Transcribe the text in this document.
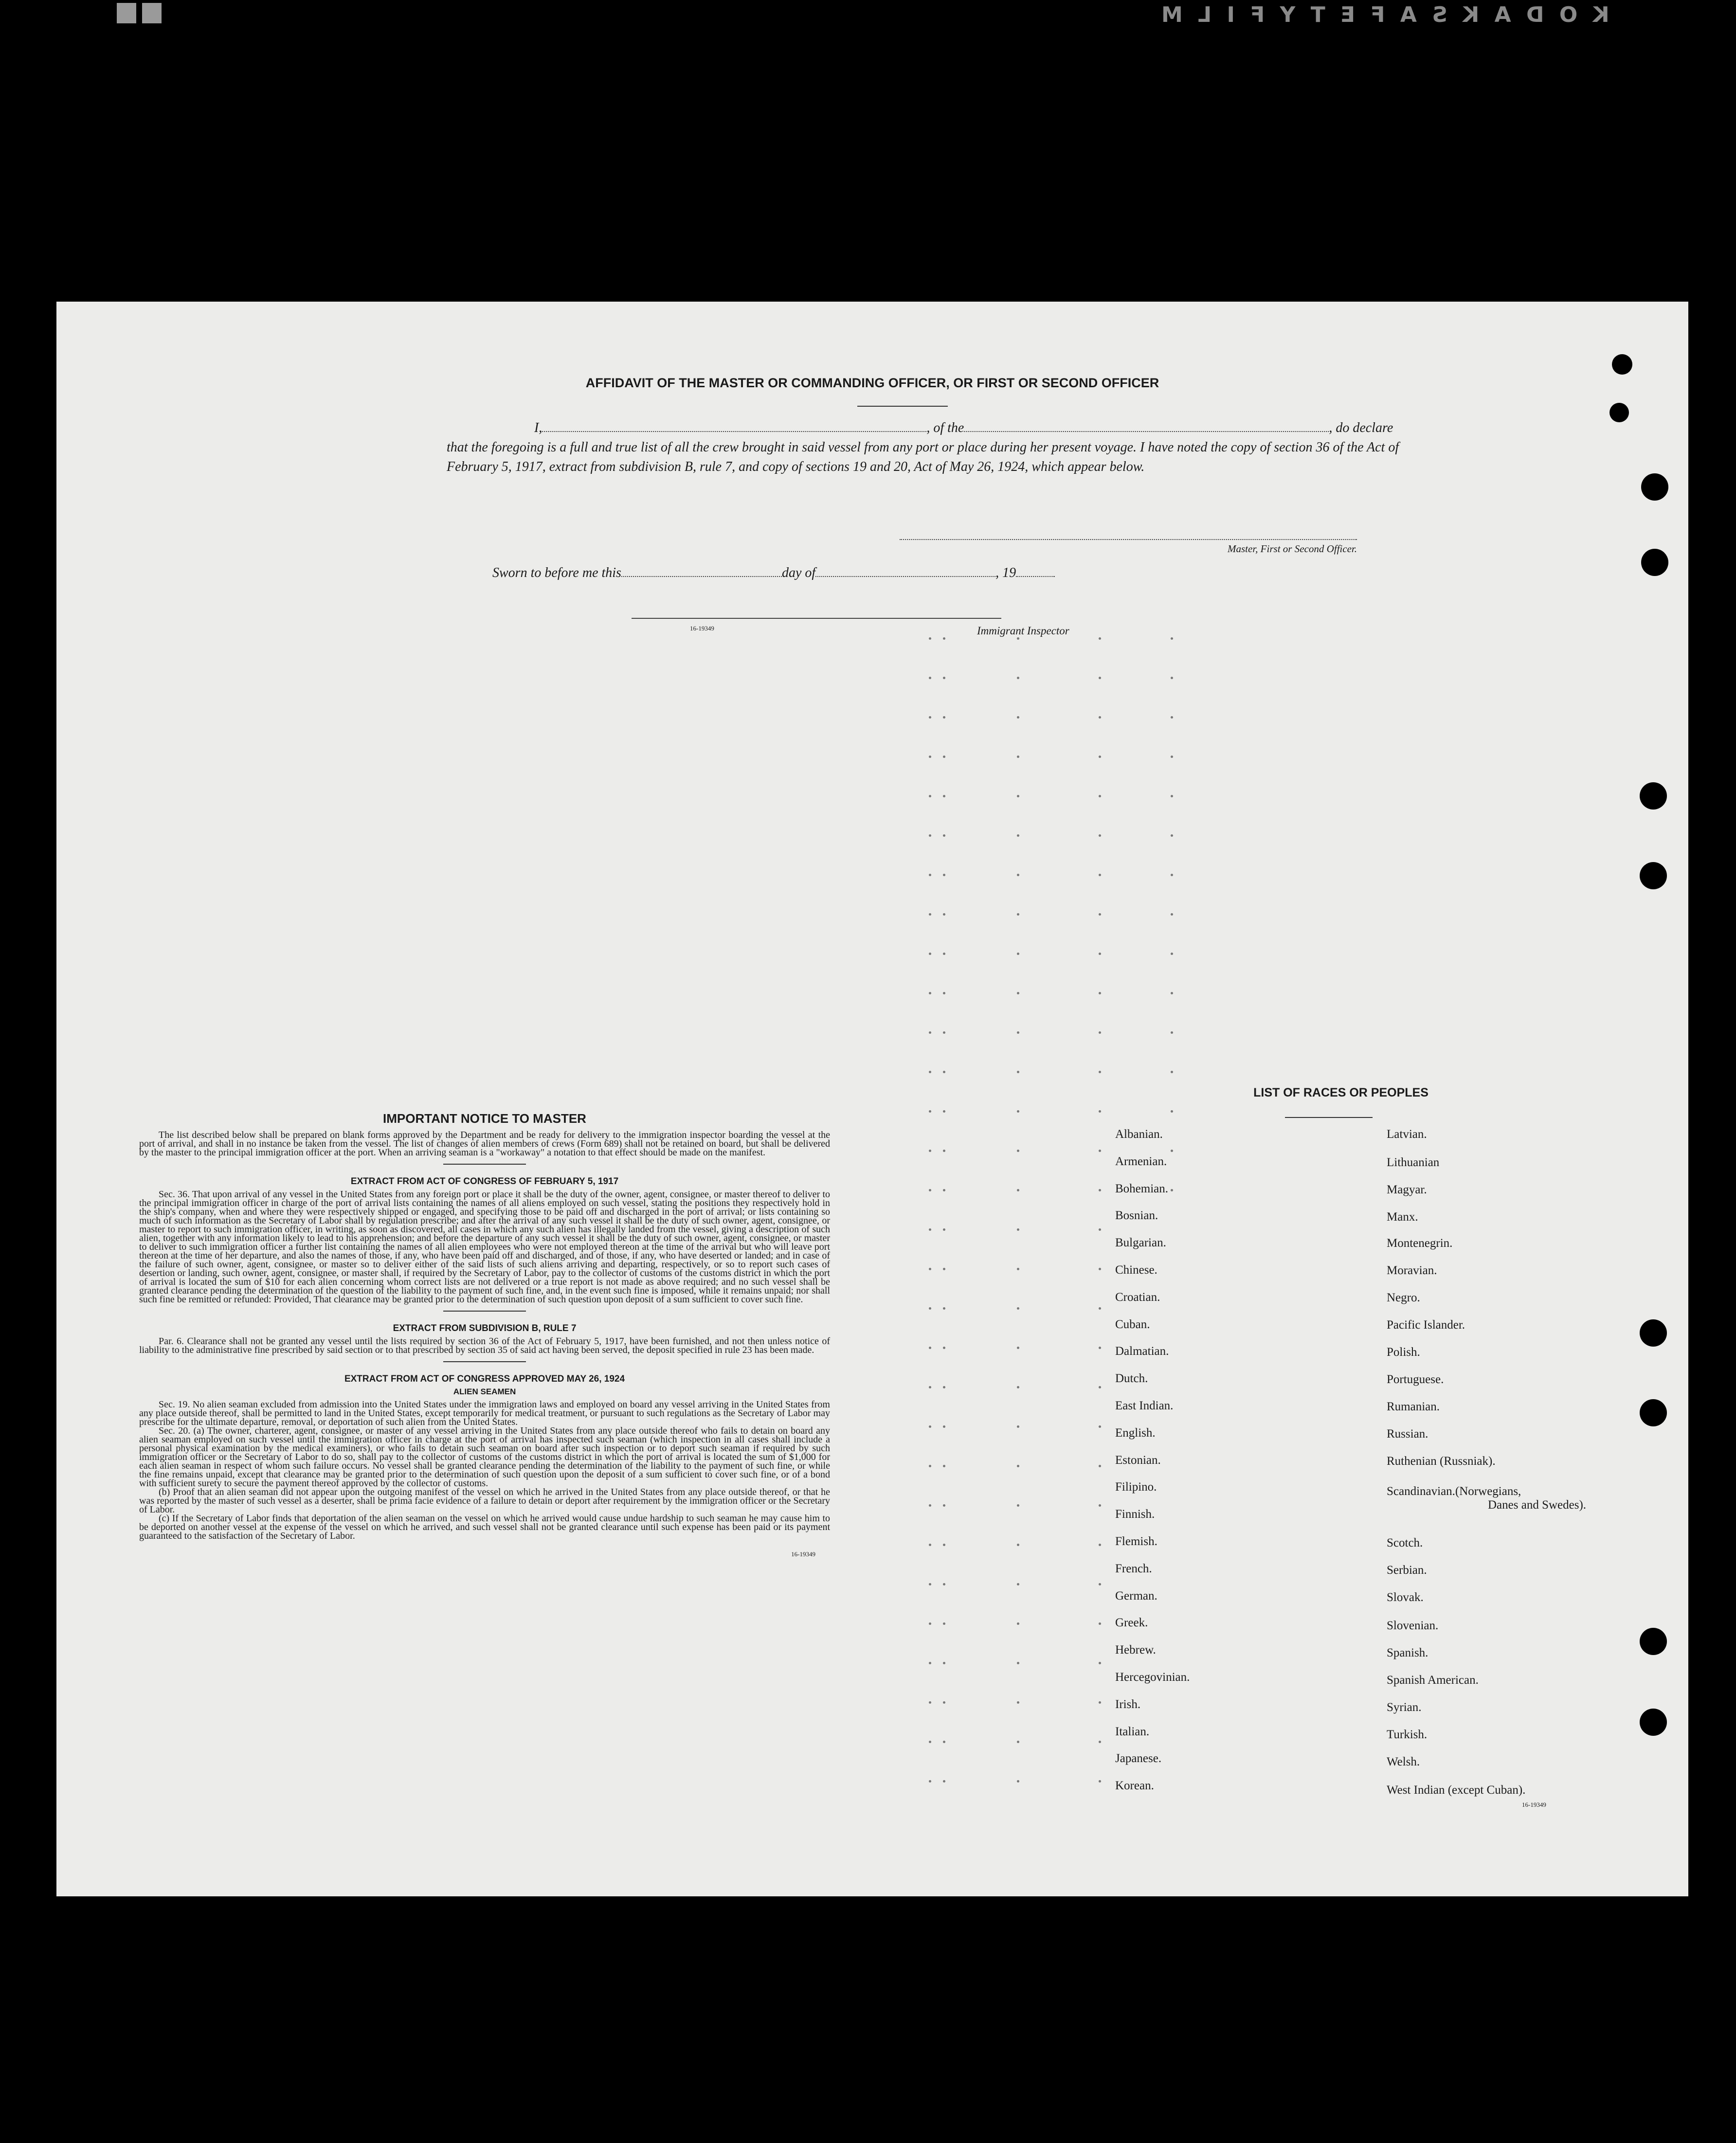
K O D A K S A F E T Y F I L M
AFFIDAVIT OF THE MASTER OR COMMANDING OFFICER, OR FIRST OR SECOND OFFICER
I,	, of the	, do declare
that the foregoing is a full and true list of all the crew brought in said vessel from any port or place during her present voyage. I have noted the copy of section 36 of the Act of February 5, 1917, extract from subdivision B, rule 7, and copy of sections 19 and 20, Act of May 26, 1924, which appear below.
Master, First or Second Officer.
Sworn to before me this	day of	, 19
16-19349	Immigrant Inspector
IMPORTANT NOTICE TO MASTER

The list described below shall be prepared on blank forms approved by the Department and be ready for delivery to the immigration inspector boarding the vessel at the port of arrival, and shall in no instance be taken from the vessel. The list of changes of alien members of crews (Form 689) shall not be retained on board, but shall be delivered by the master to the principal immigration officer at the port. When an arriving seaman is a "workaway" a notation to that effect should be made on the manifest.

EXTRACT FROM ACT OF CONGRESS OF FEBRUARY 5, 1917

Sec. 36. That upon arrival of any vessel in the United States from any foreign port or place it shall be the duty of the owner, agent, consignee, or master thereof to deliver to the principal immigration officer in charge of the port of arrival lists containing the names of all aliens employed on such vessel, stating the positions they respectively hold in the ship's company, when and where they were respectively shipped or engaged, and specifying those to be paid off and discharged in the port of arrival; or lists containing so much of such information as the Secretary of Labor shall by regulation prescribe; and after the arrival of any such vessel it shall be the duty of such owner, agent, consignee, or master to report to such immigration officer, in writing, as soon as discovered, all cases in which any such alien has illegally landed from the vessel, giving a description of such alien, together with any information likely to lead to his apprehension; and before the departure of any such vessel it shall be the duty of such owner, agent, consignee, or master to deliver to such immigration officer a further list containing the names of all alien employees who were not employed thereon at the time of the arrival but who will leave port thereon at the time of her departure, and also the names of those, if any, who have been paid off and discharged, and of those, if any, who have deserted or landed; and in case of the failure of such owner, agent, consignee, or master so to deliver either of the said lists of such aliens arriving and departing, respectively, or so to report such cases of desertion or landing, such owner, agent, consignee, or master shall, if required by the Secretary of Labor, pay to the collector of customs of the customs district in which the port of arrival is located the sum of $10 for each alien concerning whom correct lists are not delivered or a true report is not made as above required; and no such vessel shall be granted clearance pending the determination of the question of the liability to the payment of such fine, and, in the event such fine is imposed, while it remains unpaid; nor shall such fine be remitted or refunded: Provided, That clearance may be granted prior to the determination of such question upon deposit of a sum sufficient to cover such fine.

EXTRACT FROM SUBDIVISION B, RULE 7

Par. 6. Clearance shall not be granted any vessel until the lists required by section 36 of the Act of February 5, 1917, have been furnished, and not then unless notice of liability to the administrative fine prescribed by said section or to that prescribed by section 35 of said act having been served, the deposit specified in rule 23 has been made.

EXTRACT FROM ACT OF CONGRESS APPROVED MAY 26, 1924
ALIEN SEAMEN

Sec. 19. No alien seaman excluded from admission into the United States under the immigration laws and employed on board any vessel arriving in the United States from any place outside thereof, shall be permitted to land in the United States, except temporarily for medical treatment, or pursuant to such regulations as the Secretary of Labor may prescribe for the ultimate departure, removal, or deportation of such alien from the United States.

Sec. 20. (a) The owner, charterer, agent, consignee, or master of any vessel arriving in the United States from any place outside thereof who fails to detain on board any alien seaman employed on such vessel until the immigration officer in charge at the port of arrival has inspected such seaman (which inspection in all cases shall include a personal physical examination by the medical examiners), or who fails to detain such seaman on board after such inspection or to deport such seaman if required by such immigration officer or the Secretary of Labor to do so, shall pay to the collector of customs of the customs district in which the port of arrival is located the sum of $1,000 for each alien seaman in respect of whom such failure occurs. No vessel shall be granted clearance pending the determination of the liability to the payment of such fine, or while the fine remains unpaid, except that clearance may be granted prior to the determination of such question upon the deposit of a sum sufficient to cover such fine, or of a bond with sufficient surety to secure the payment thereof approved by the collector of customs.

(b) Proof that an alien seaman did not appear upon the outgoing manifest of the vessel on which he arrived in the United States from any place outside thereof, or that he was reported by the master of such vessel as a deserter, shall be prima facie evidence of a failure to detain or deport after requirement by the immigration officer or the Secretary of Labor.

(c) If the Secretary of Labor finds that deportation of the alien seaman on the vessel on which he arrived would cause undue hardship to such seaman he may cause him to be deported on another vessel at the expense of the vessel on which he arrived, and such vessel shall not be granted clearance until such expense has been paid or its payment guaranteed to the satisfaction of the Secretary of Labor.

16-19349
LIST OF RACES OR PEOPLES
Albanian.
Armenian.
Bohemian.
Bosnian.
Bulgarian.
Chinese.
Croatian.
Cuban.
Dalmatian.
Dutch.
East Indian.
English.
Estonian.
Filipino.
Finnish.
Flemish.
French.
German.
Greek.
Hebrew.
Hercegovinian.
Irish.
Italian.
Japanese.
Korean.
Latvian.
Lithuanian
Magyar.
Manx.
Montenegrin.
Moravian.
Negro.
Pacific Islander.
Polish.
Portuguese.
Rumanian.
Russian.
Ruthenian (Russniak).
Scandinavian.(Norwegians,
Danes and Swedes).
Scotch.
Serbian.
Slovak.
Slovenian.
Spanish.
Spanish American.
Syrian.
Turkish.
Welsh.
West Indian (except Cuban).
16-19349
